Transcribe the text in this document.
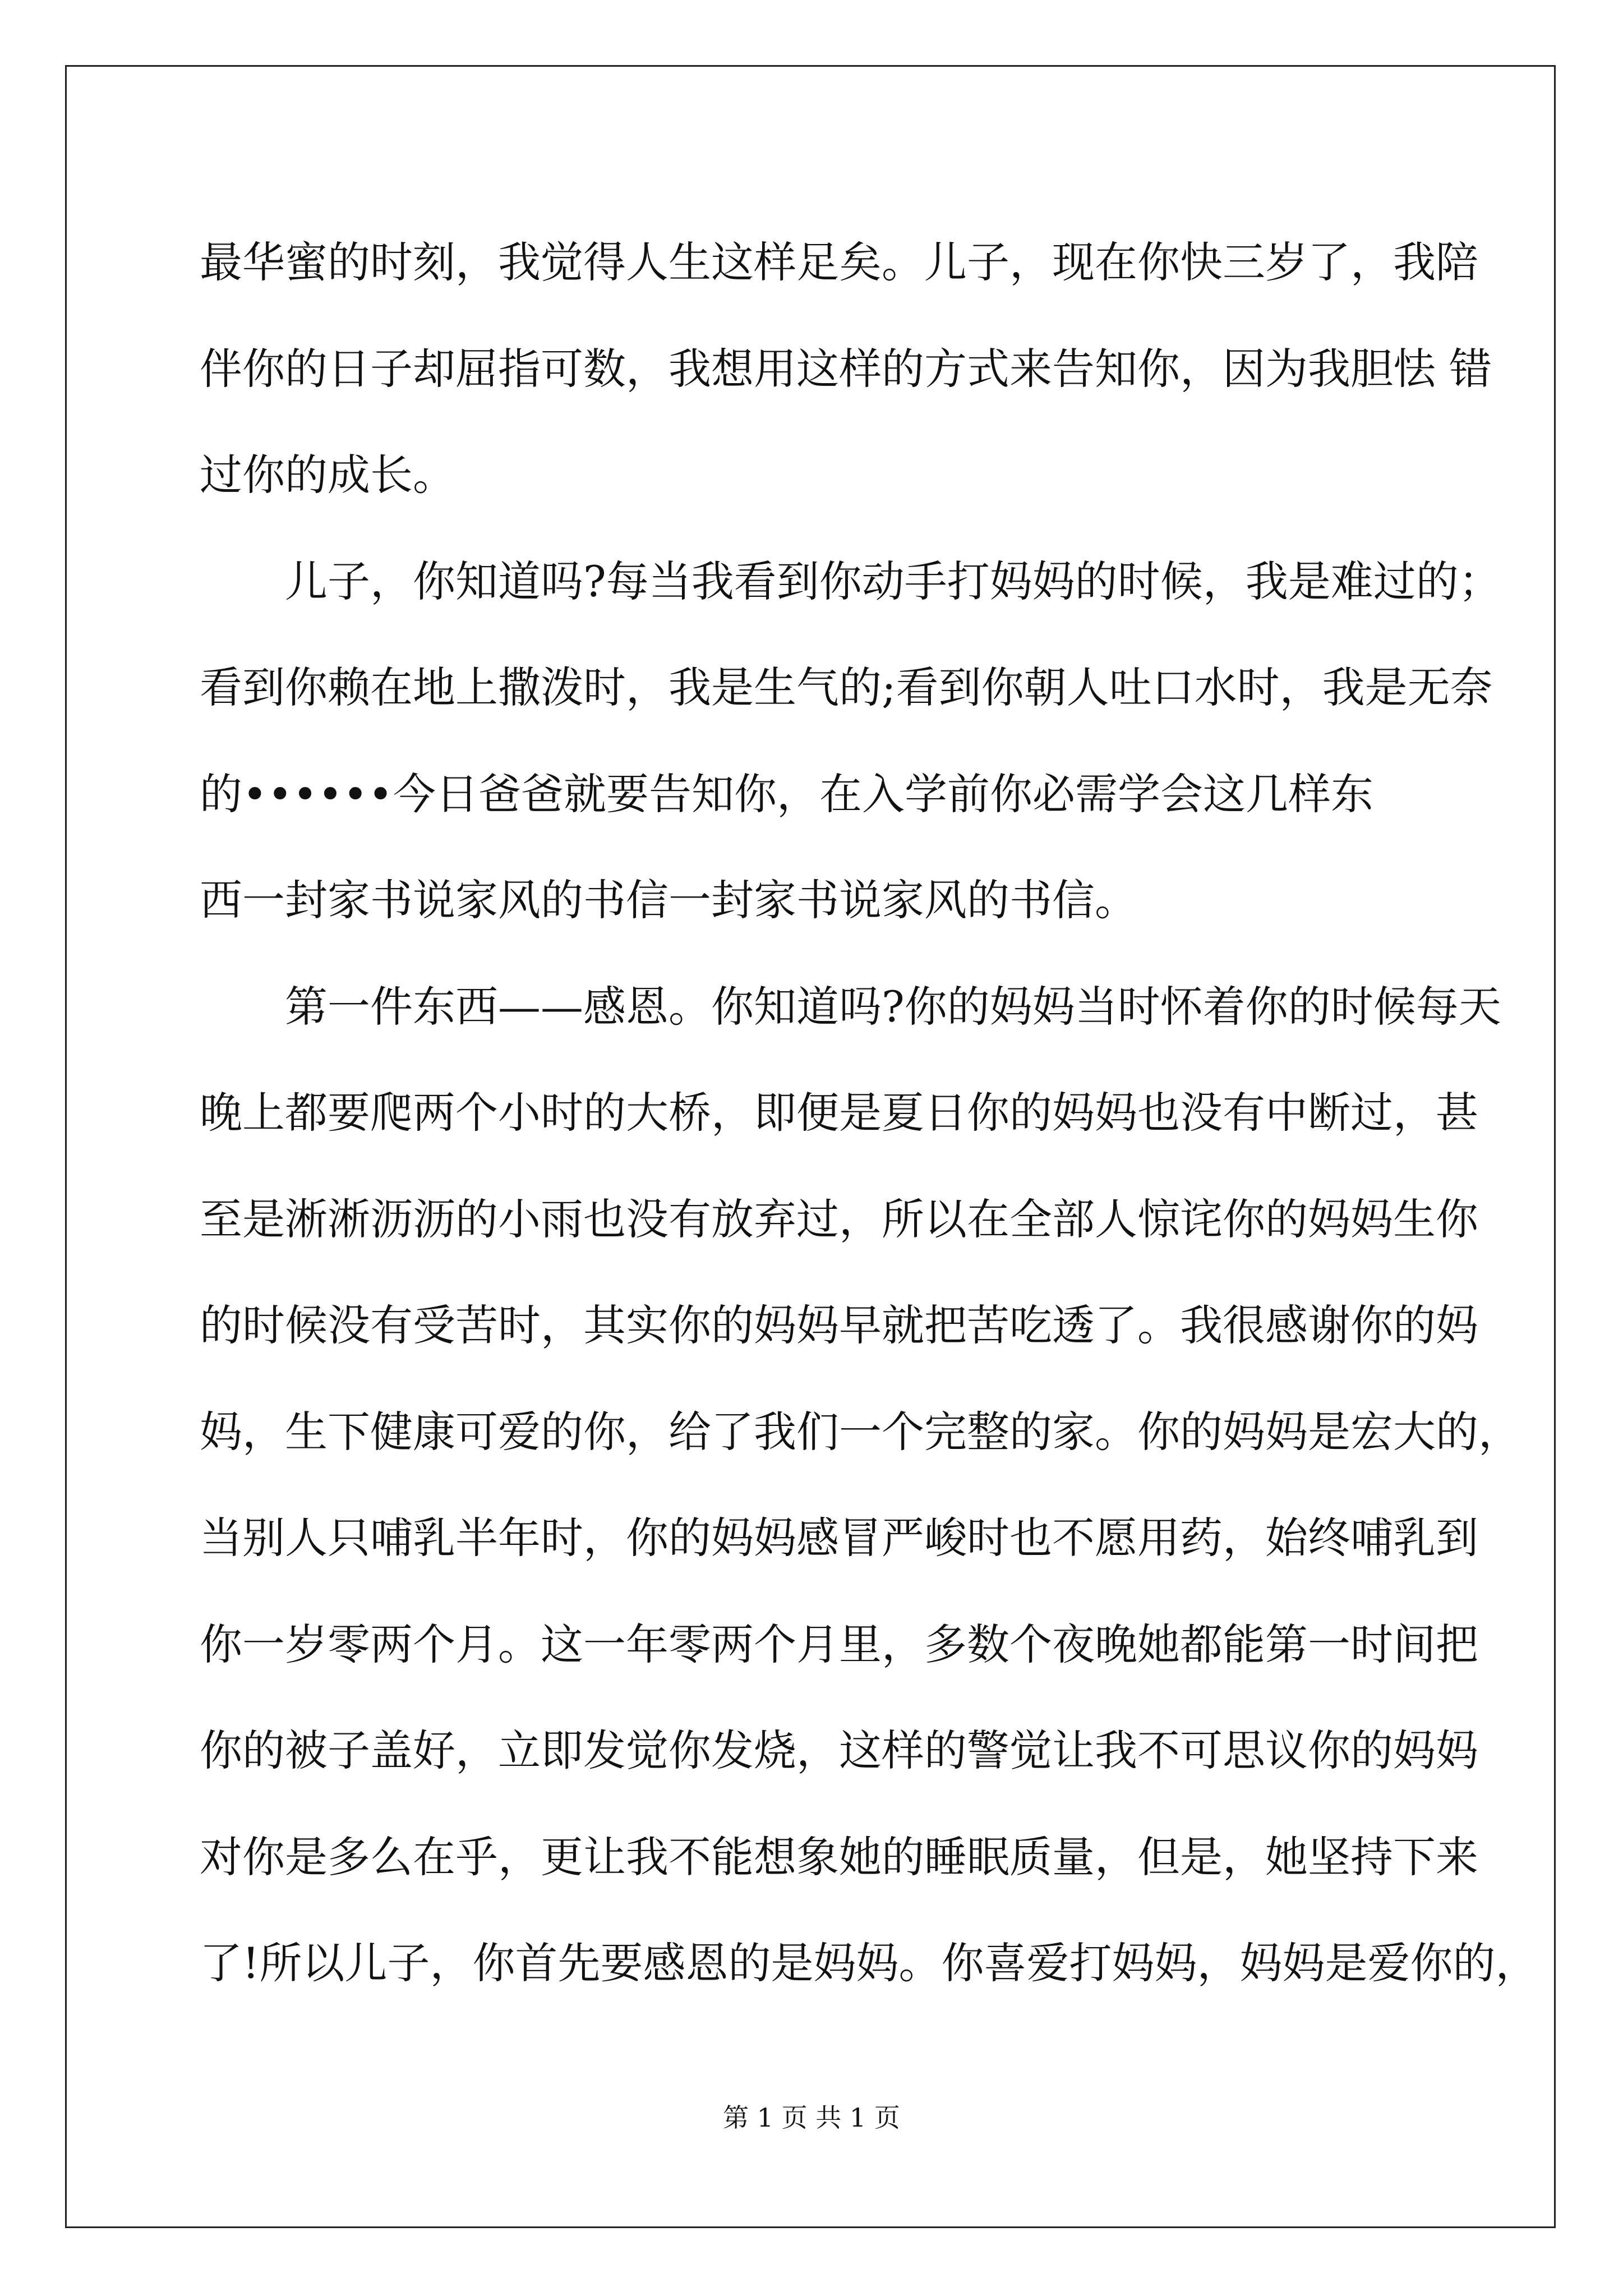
最华蜜的时刻，我觉得人生这样足矣。儿子，现在你快三岁了，我陪
伴你的日子却屈指可数，我想用这样的方式来告知你，因为我胆怯 错
过你的成长。
儿子，你知道吗?每当我看到你动手打妈妈的时候，我是难过的；
看到你赖在地上撒泼时，我是生气的;看到你朝人吐口水时，我是无奈
的••••••今日爸爸就要告知你，在入学前你必需学会这几样东
西一封家书说家风的书信一封家书说家风的书信。
第一件东西——感恩。你知道吗?你的妈妈当时怀着你的时候每天
晚上都要爬两个小时的大桥，即便是夏日你的妈妈也没有中断过，甚
至是淅淅沥沥的小雨也没有放弃过，所以在全部人惊诧你的妈妈生你
的时候没有受苦时，其实你的妈妈早就把苦吃透了。我很感谢你的妈
妈，生下健康可爱的你，给了我们一个完整的家。你的妈妈是宏大的，
当别人只哺乳半年时，你的妈妈感冒严峻时也不愿用药，始终哺乳到
你一岁零两个月。这一年零两个月里，多数个夜晚她都能第一时间把
你的被子盖好，立即发觉你发烧，这样的警觉让我不可思议你的妈妈
对你是多么在乎，更让我不能想象她的睡眠质量，但是，她坚持下来
了!所以儿子，你首先要感恩的是妈妈。你喜爱打妈妈，妈妈是爱你的，
第 1 页 共 1 页
